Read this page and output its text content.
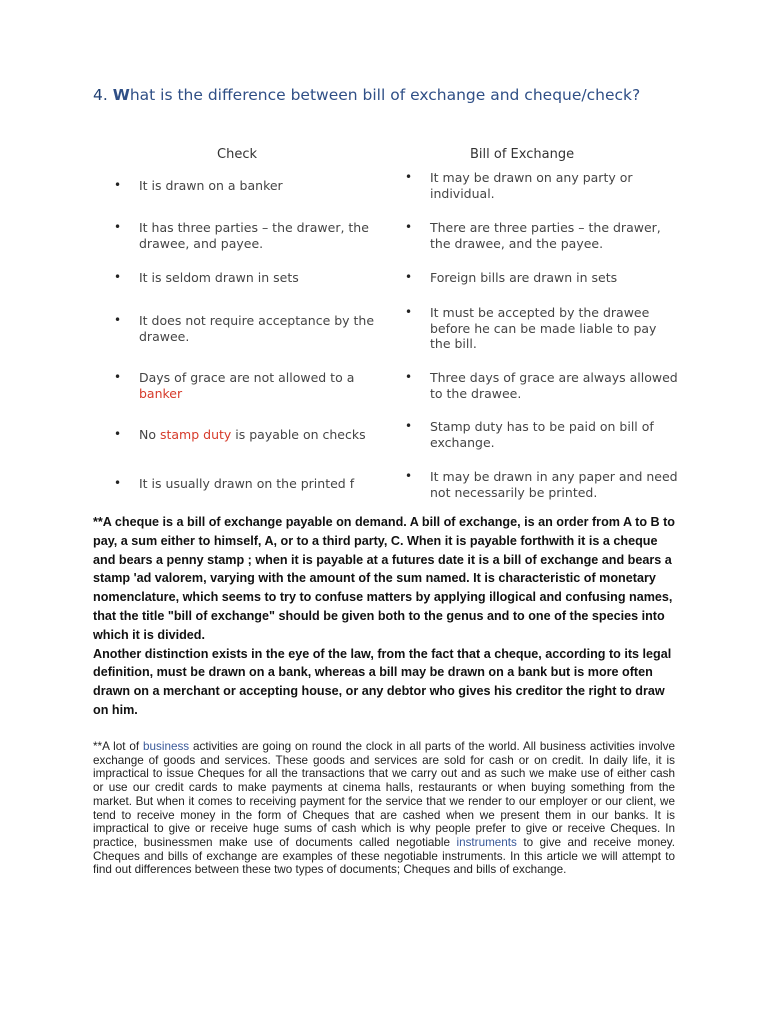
4. What is the difference between bill of exchange and cheque/check?
Check	Bill of Exchange
• It is drawn on a banker
• It has three parties – the drawer, the drawee, and payee.
• It is seldom drawn in sets
• It does not require acceptance by the drawee.
• Days of grace are not allowed to a banker
• No stamp duty is payable on checks
• It is usually drawn on the printed f
• It may be drawn on any party or individual.
• There are three parties – the drawer, the drawee, and the payee.
• Foreign bills are drawn in sets
• It must be accepted by the drawee before he can be made liable to pay the bill.
• Three days of grace are always allowed to the drawee.
• Stamp duty has to be paid on bill of exchange.
• It may be drawn in any paper and need not necessarily be printed.

**A cheque is a bill of exchange payable on demand. A bill of exchange, is an order from A to B to pay, a sum either to himself, A, or to a third party, C. When it is payable forthwith it is a cheque and bears a penny stamp ; when it is payable at a futures date it is a bill of exchange and bears a stamp 'ad valorem, varying with the amount of the sum named. It is characteristic of monetary nomenclature, which seems to try to confuse matters by applying illogical and confusing names, that the title "bill of exchange" should be given both to the genus and to one of the species into which it is divided.

Another distinction exists in the eye of the law, from the fact that a cheque, according to its legal definition, must be drawn on a bank, whereas a bill may be drawn on a bank but is more often drawn on a merchant or accepting house, or any debtor who gives his creditor the right to draw on him.

**A lot of business activities are going on round the clock in all parts of the world. All business activities involve exchange of goods and services. These goods and services are sold for cash or on credit. In daily life, it is impractical to issue Cheques for all the transactions that we carry out and as such we make use of either cash or use our credit cards to make payments at cinema halls, restaurants or when buying something from the market. But when it comes to receiving payment for the service that we render to our employer or our client, we tend to receive money in the form of Cheques that are cashed when we present them in our banks. It is impractical to give or receive huge sums of cash which is why people prefer to give or receive Cheques. In practice, businessmen make use of documents called negotiable instruments to give and receive money. Cheques and bills of exchange are examples of these negotiable instruments. In this article we will attempt to find out differences between these two types of documents; Cheques and bills of exchange.
